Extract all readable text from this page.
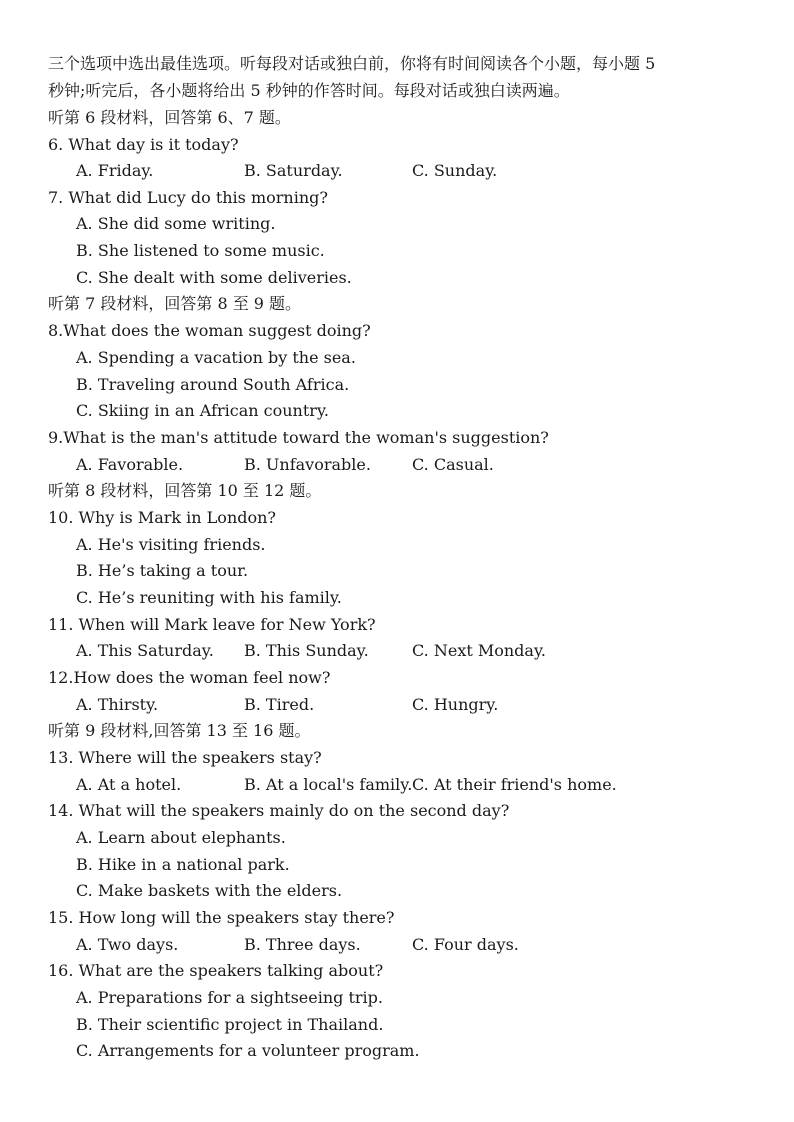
三个选项中选出最佳选项。听每段对话或独白前，你将有时间阅读各个小题，每小题 5
秒钟;听完后，各小题将给出 5 秒钟的作答时间。每段对话或独白读两遍。
听第 6 段材料，回答第 6、7 题。
6. What day is it today?
A. Friday.	B. Saturday.	C. Sunday.
7. What did Lucy do this morning?
A. She did some writing.
B. She listened to some music.
C. She dealt with some deliveries.
听第 7 段材料，回答第 8 至 9 题。
8.What does the woman suggest doing?
A. Spending a vacation by the sea.
B. Traveling around South Africa.
C. Skiing in an African country.
9.What is the man's attitude toward the woman's suggestion?
A. Favorable.	B. Unfavorable.	C. Casual.
听第 8 段材料，回答第 10 至 12 题。
10. Why is Mark in London?
A. He's visiting friends.
B. He’s taking a tour.
C. He’s reuniting with his family.
11. When will Mark leave for New York?
A. This Saturday. B. This Sunday.	C. Next Monday.
12.How does the woman feel now?
A. Thirsty.	B. Tired.	C. Hungry.
听第 9 段材料,回答第 13 至 16 题。
13. Where will the speakers stay?
A. At a hotel.	B. At a local's family. C. At their friend's home.
14. What will the speakers mainly do on the second day?
A. Learn about elephants.
B. Hike in a national park.
C. Make baskets with the elders.
15. How long will the speakers stay there?
A. Two days.	B. Three days.	C. Four days.
16. What are the speakers talking about?
A. Preparations for a sightseeing trip.
B. Their scientific project in Thailand.
C. Arrangements for a volunteer program.
